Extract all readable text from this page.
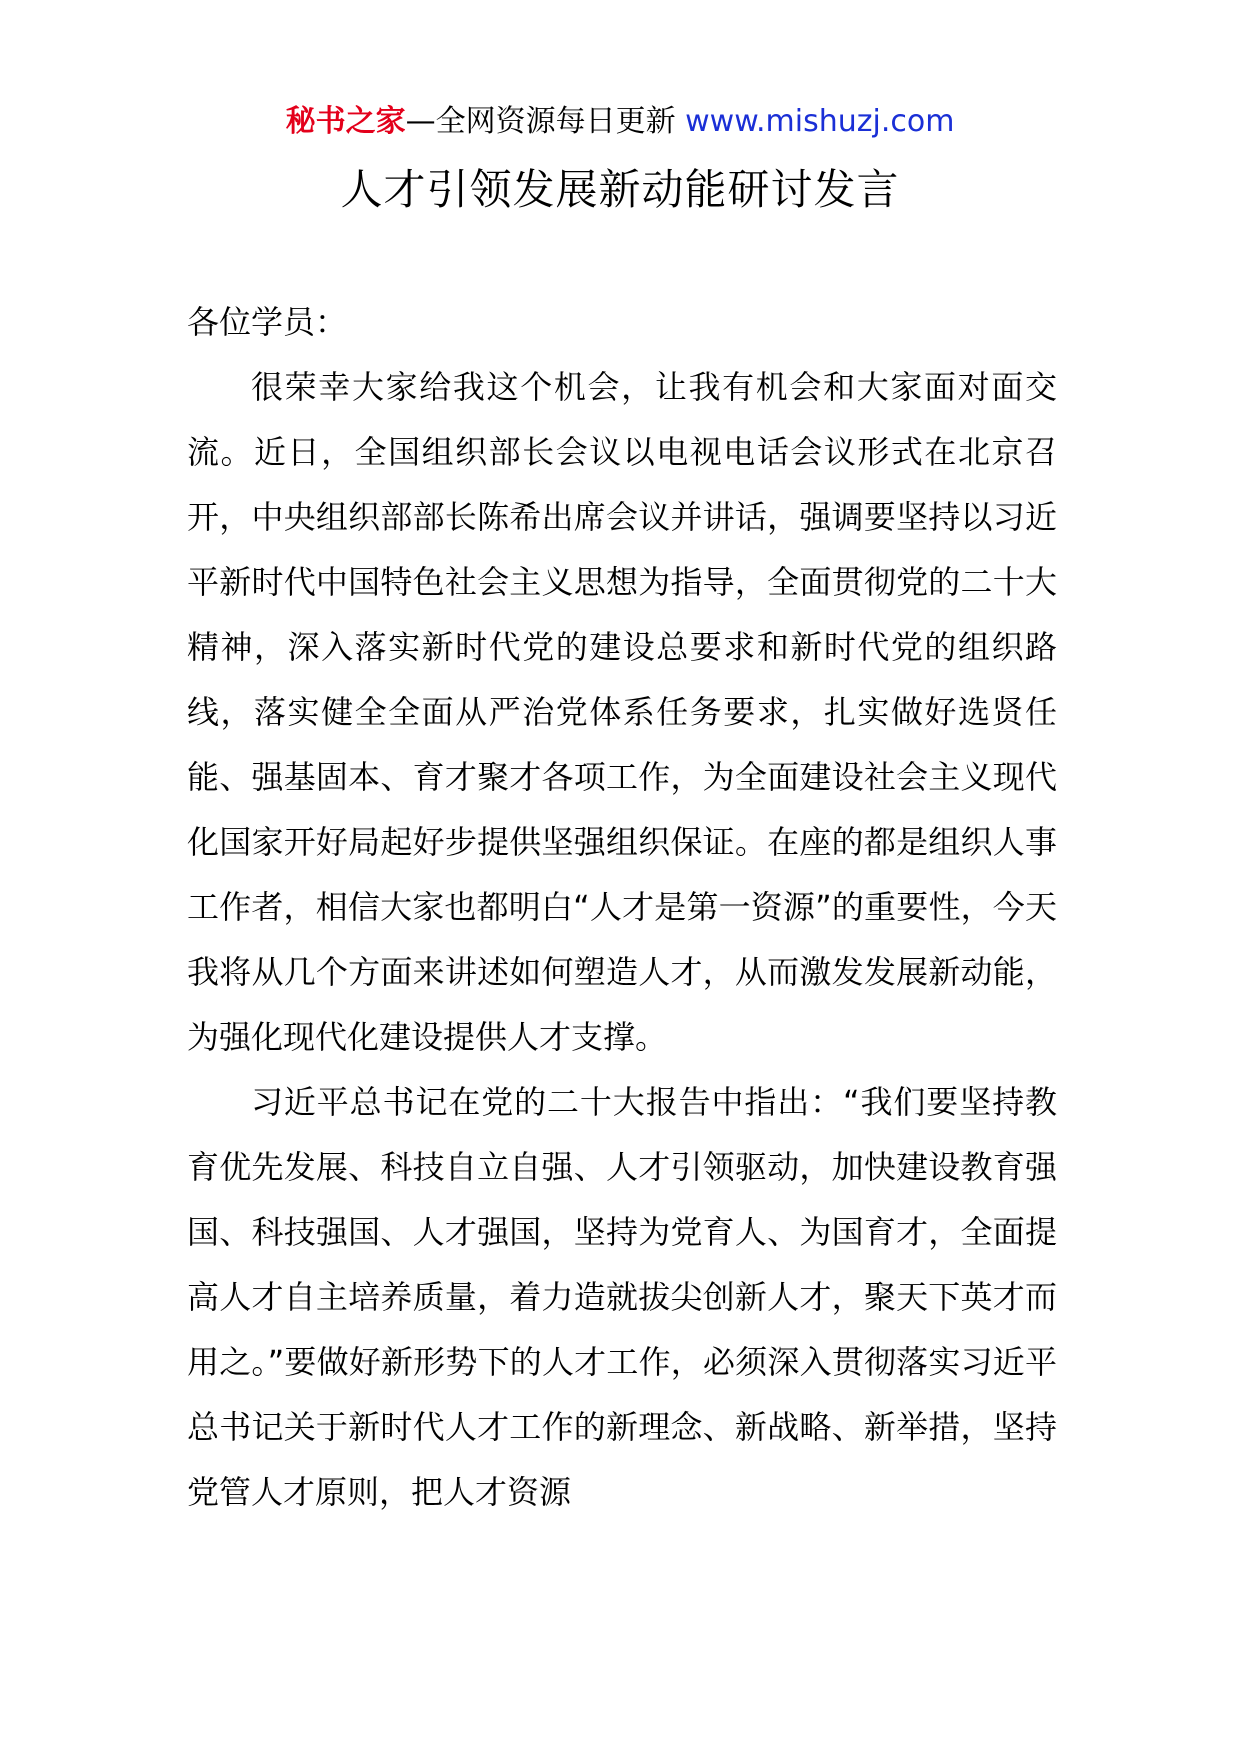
秘书之家—全网资源每日更新 www.mishuzj.com
人才引领发展新动能研讨发言

各位学员：

很荣幸大家给我这个机会，让我有机会和大家面对面交流。近日，全国组织部长会议以电视电话会议形式在北京召开，中央组织部部长陈希出席会议并讲话，强调要坚持以习近平新时代中国特色社会主义思想为指导，全面贯彻党的二十大精神，深入落实新时代党的建设总要求和新时代党的组织路线，落实健全全面从严治党体系任务要求，扎实做好选贤任能、强基固本、育才聚才各项工作，为全面建设社会主义现代化国家开好局起好步提供坚强组织保证。在座的都是组织人事工作者，相信大家也都明白“人才是第一资源”的重要性，今天我将从几个方面来讲述如何塑造人才，从而激发发展新动能，为强化现代化建设提供人才支撑。

习近平总书记在党的二十大报告中指出：“我们要坚持教育优先发展、科技自立自强、人才引领驱动，加快建设教育强国、科技强国、人才强国，坚持为党育人、为国育才，全面提高人才自主培养质量，着力造就拔尖创新人才，聚天下英才而用之。”要做好新形势下的人才工作，必须深入贯彻落实习近平总书记关于新时代人才工作的新理念、新战略、新举措，坚持党管人才原则，把人才资源
